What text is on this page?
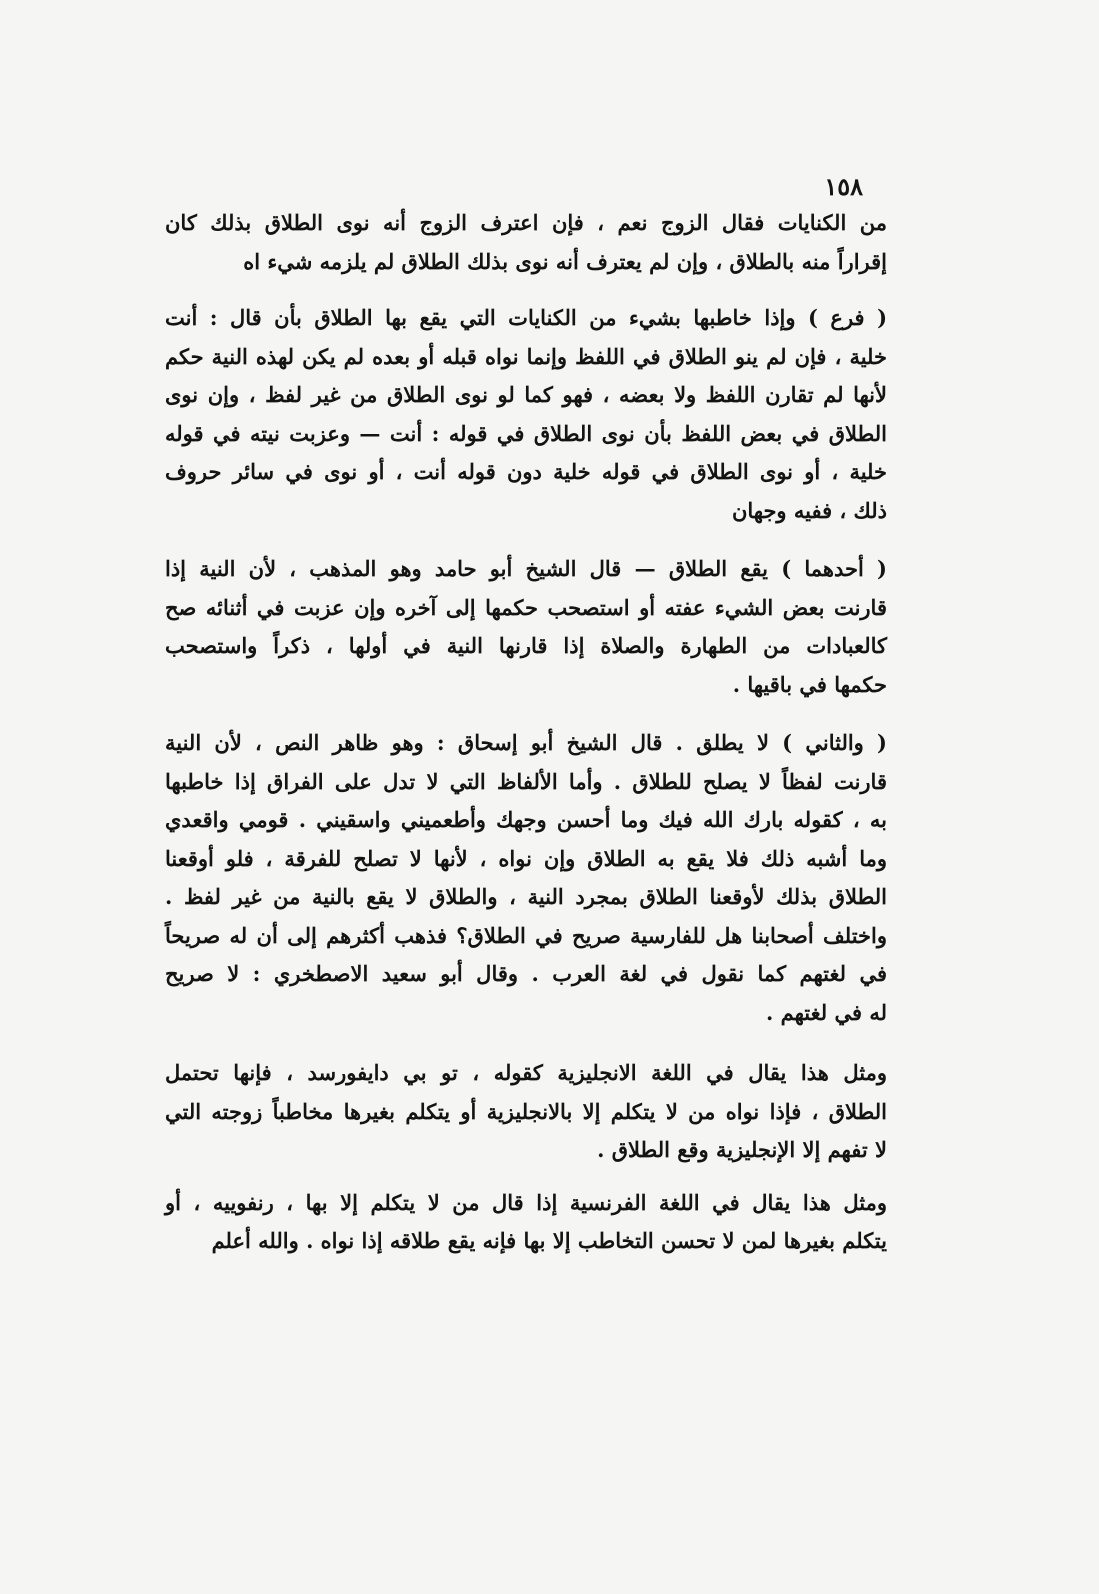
١٥٨

من الكنايات فقال الزوج نعم ، فإن اعترف الزوج أنه نوى الطلاق بذلك كان
إقراراً منه بالطلاق ، وإن لم يعترف أنه نوى بذلك الطلاق لم يلزمه شيء اه
( فرع ) وإذا خاطبها بشيء من الكنايات التي يقع بها الطلاق بأن قال : أنت
خلية ، فإن لم ينو الطلاق في اللفظ وإنما نواه قبله أو بعده لم يكن لهذه النية حكم
لأنها لم تقارن اللفظ ولا بعضه ، فهو كما لو نوى الطلاق من غير لفظ ، وإن نوى
الطلاق في بعض اللفظ بأن نوى الطلاق في قوله : أنت — وعزبت نيته في قوله
خلية ، أو نوى الطلاق في قوله خلية دون قوله أنت ، أو نوى في سائر حروف
ذلك ، ففيه وجهان
( أحدهما ) يقع الطلاق — قال الشيخ أبو حامد وهو المذهب ، لأن النية إذا
قارنت بعض الشيء عفته أو استصحب حكمها إلى آخره وإن عزبت في أثنائه صح
كالعبادات من الطهارة والصلاة إذا قارنها النية في أولها ، ذكراً واستصحب
حكمها في باقيها .
( والثاني ) لا يطلق . قال الشيخ أبو إسحاق : وهو ظاهر النص ، لأن النية
قارنت لفظاً لا يصلح للطلاق . وأما الألفاظ التي لا تدل على الفراق إذا خاطبها
به ، كقوله بارك الله فيك وما أحسن وجهك وأطعميني واسقيني . قومي واقعدي
وما أشبه ذلك فلا يقع به الطلاق وإن نواه ، لأنها لا تصلح للفرقة ، فلو أوقعنا
الطلاق بذلك لأوقعنا الطلاق بمجرد النية ، والطلاق لا يقع بالنية من غير لفظ .
واختلف أصحابنا هل للفارسية صريح في الطلاق؟ فذهب أكثرهم إلى أن له صريحاً
في لغتهم كما نقول في لغة العرب . وقال أبو سعيد الاصطخري : لا صريح
له في لغتهم .
ومثل هذا يقال في اللغة الانجليزية كقوله ، تو بي دايفورسد ، فإنها تحتمل
الطلاق ، فإذا نواه من لا يتكلم إلا بالانجليزية أو يتكلم بغيرها مخاطباً زوجته التي
لا تفهم إلا الإنجليزية وقع الطلاق .
ومثل هذا يقال في اللغة الفرنسية إذا قال من لا يتكلم إلا بها ، رنفوييه ، أو
يتكلم بغيرها لمن لا تحسن التخاطب إلا بها فإنه يقع طلاقه إذا نواه . والله أعلم
